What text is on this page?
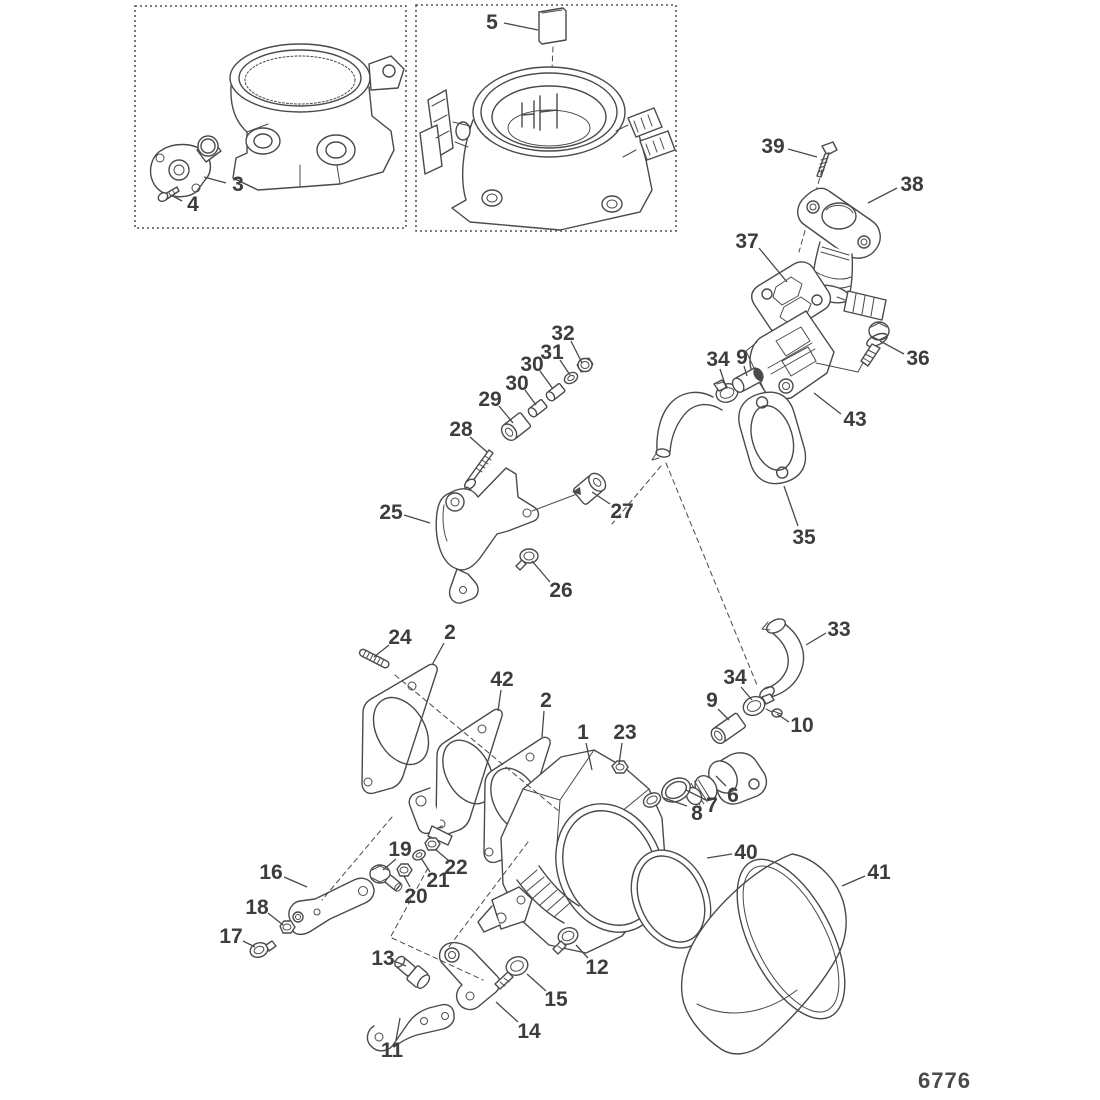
3
4
5
39
38
37
36
34 9
43
35
32
31
30
30
29
28
25	27
26
24 2
42
2
1 23
33
34
9
10
6
7
8
40
41
16
19
22
21
20
18
17
13
11
12
15
14
6776
